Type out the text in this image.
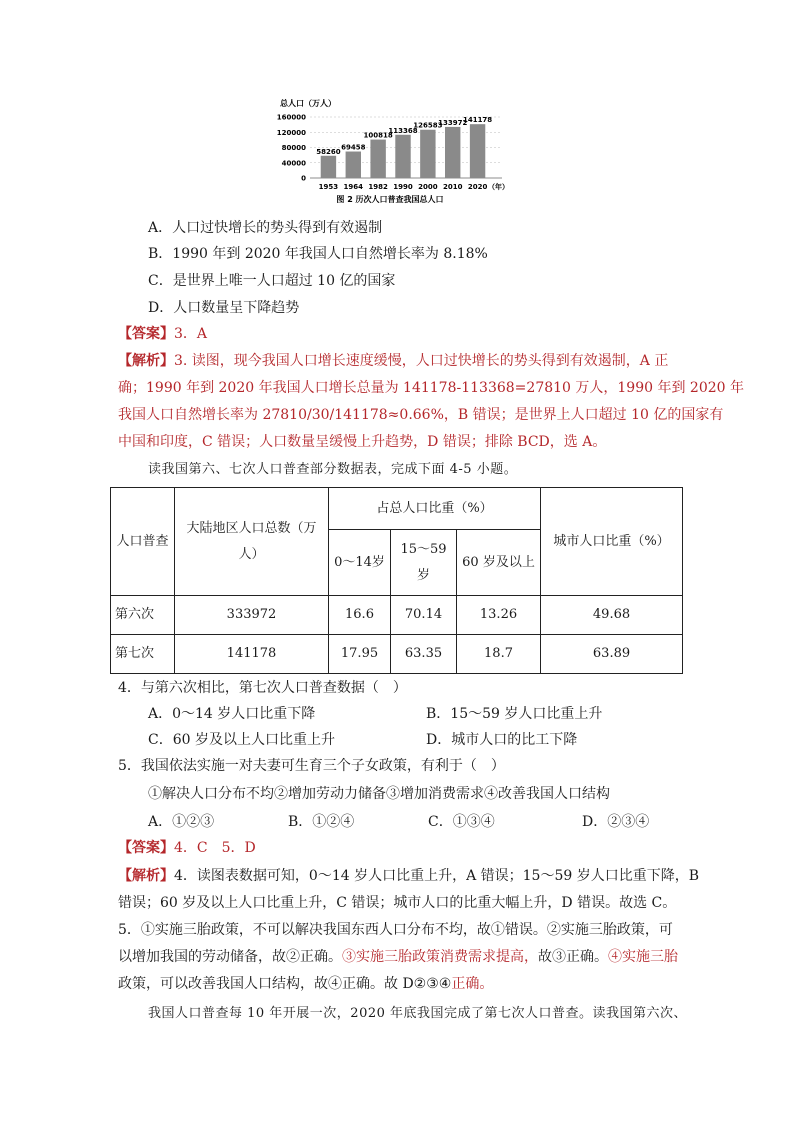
总人口（万人）
0
40000
80000
120000
160000
58260
69458
100818
113368
126583
133972
141178
1953 1964 1982 1990 2000 2010 2020 （年）
图 2 历次人口普查我国总人口
A．人口过快增长的势头得到有效遏制
B．1990 年到 2020 年我国人口自然增长率为 8.18%
C．是世界上唯一人口超过 10 亿的国家
D．人口数量呈下降趋势
【答案】3．A
【解析】3. 读图，现今我国人口增长速度缓慢，人口过快增长的势头得到有效遏制，A 正
确；1990 年到 2020 年我国人口增长总量为 141178-113368=27810 万人，1990 年到 2020 年
我国人口自然增长率为 27810/30/141178≈0.66%，B 错误；是世界上人口超过 10 亿的国家有
中国和印度，C 错误；人口数量呈缓慢上升趋势，D 错误；排除 BCD，选 A。
读我国第六、七次人口普查部分数据表，完成下面 4-5 小题。
人口普查	大陆地区人口总数（万人）	占总人口比重（%）			城市人口比重（%）
		0～14岁	15～59岁	60 岁及以上	
第六次	333972	16.6	70.14	13.26	49.68
第七次	141178	17.95	63.35	18.7	63.89
4．与第六次相比，第七次人口普查数据（　）
A．0～14 岁人口比重下降	B．15～59 岁人口比重上升
C．60 岁及以上人口比重上升	D．城市人口的比工下降
5．我国依法实施一对夫妻可生育三个子女政策，有利于（　）
①解决人口分布不均②增加劳动力储备③增加消费需求④改善我国人口结构
A．①②③	B．①②④	C．①③④	D．②③④
【答案】4．C　5．D
【解析】4．读图表数据可知，0～14 岁人口比重上升，A 错误；15～59 岁人口比重下降，B
错误；60 岁及以上人口比重上升，C 错误；城市人口的比重大幅上升，D 错误。故选 C。
5．①实施三胎政策，不可以解决我国东西人口分布不均，故①错误。②实施三胎政策，可
以增加我国的劳动储备，故②正确。③实施三胎政策消费需求提高，故③正确。④实施三胎
政策，可以改善我国人口结构，故④正确。故 D②③④正确。
我国人口普查每 10 年开展一次，2020 年底我国完成了第七次人口普查。读我国第六次、
